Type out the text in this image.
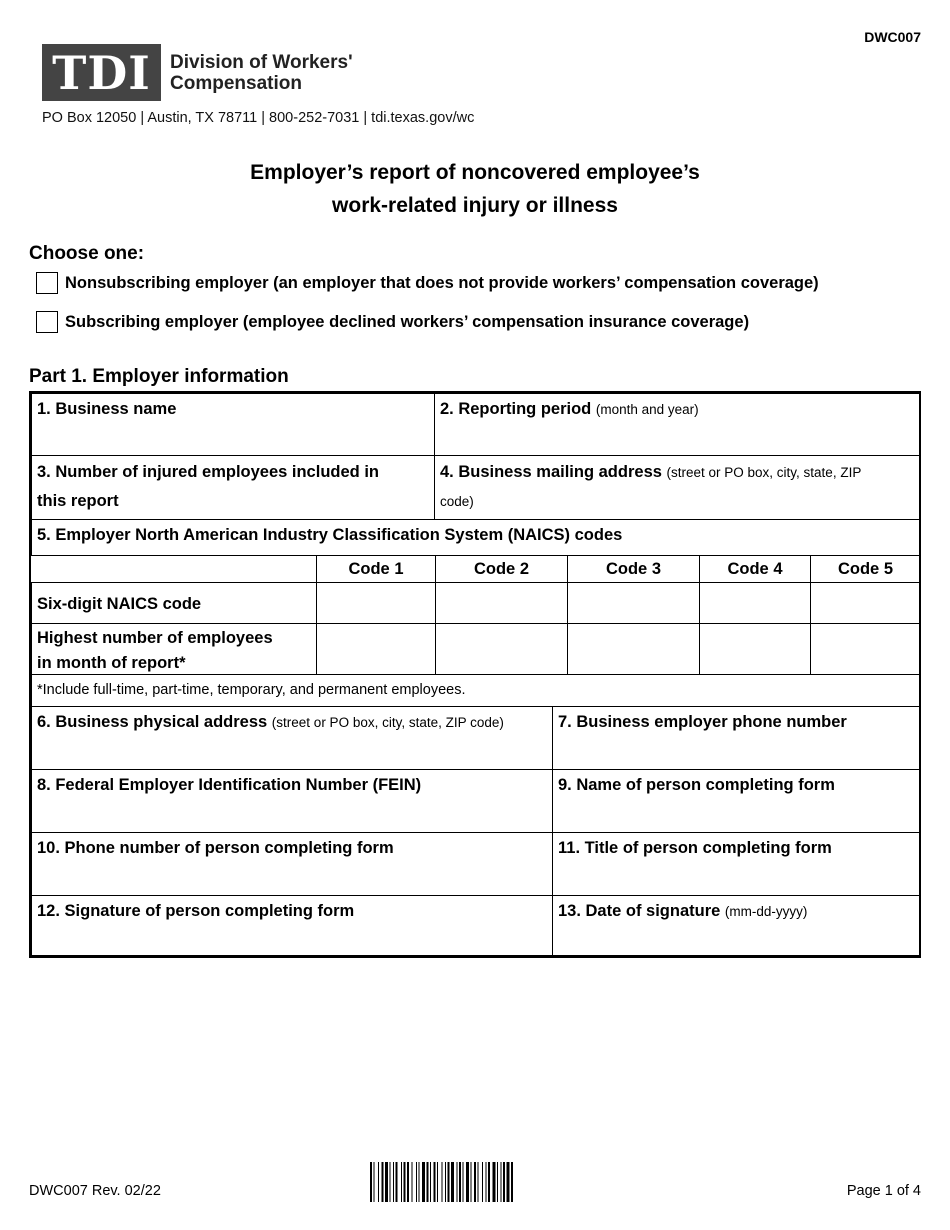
DWC007
TDI	Division of Workers'
Compensation
PO Box 12050 | Austin, TX 78711 | 800-252-7031 | tdi.texas.gov/wc
Employer’s report of noncovered employee’s
work-related injury or illness
Choose one:
Nonsubscribing employer (an employer that does not provide workers’ compensation coverage)
Subscribing employer (employee declined workers’ compensation insurance coverage)
Part 1. Employer information
1. Business name	2. Reporting period (month and year)
3. Number of injured employees included in
this report
4. Business mailing address (street or PO box, city, state, ZIP
code)
5. Employer North American Industry Classification System (NAICS) codes
Code 1	Code 2	Code 3	Code 4	Code 5
Six-digit NAICS code
Highest number of employees
in month of report*
*Include full-time, part-time, temporary, and permanent employees.
6. Business physical address (street or PO box, city, state, ZIP code)	7. Business employer phone number
8. Federal Employer Identification Number (FEIN)	9. Name of person completing form
10. Phone number of person completing form	11. Title of person completing form
12. Signature of person completing form	13. Date of signature (mm-dd-yyyy)
DWC007 Rev. 02/22	Page 1 of 4
